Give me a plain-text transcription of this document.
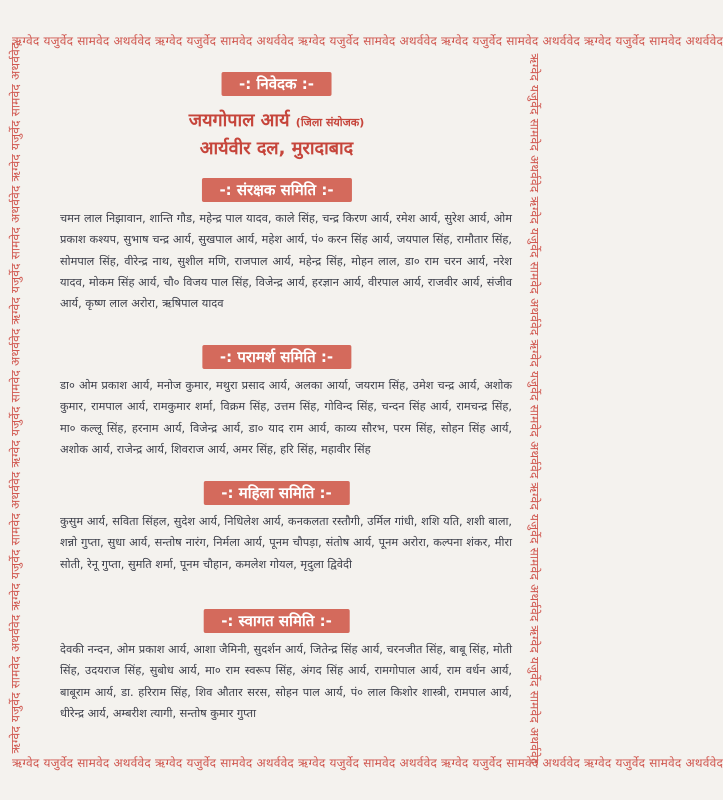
ऋग्वेद यजुर्वेद सामवेद अथर्ववेद ऋग्वेद यजुर्वेद सामवेद अथर्ववेद ऋग्वेद यजुर्वेद सामवेद अथर्ववेद ऋग्वेद यजुर्वेद सामवेद अथर्ववेद ऋग्वेद यजुर्वेद सामवेद अथर्ववेद
ऋग्वेद यजुर्वेद सामवेद अथर्ववेद ऋग्वेद यजुर्वेद सामवेद अथर्ववेद ऋग्वेद यजुर्वेद सामवेद अथर्ववेद ऋग्वेद यजुर्वेद सामवेद अथर्ववेद ऋग्वेद यजुर्वेद सामवेद अथर्ववेद
ऋग्वेद यजुर्वेद सामवेद अथर्ववेद ऋग्वेद यजुर्वेद सामवेद अथर्ववेद ऋग्वेद यजुर्वेद सामवेद अथर्ववेद ऋग्वेद यजुर्वेद सामवेद अथर्ववेद ऋग्वेद यजुर्वेद सामवेद अथर्ववेद	ऋग्वेद यजुर्वेद सामवेद अथर्ववेद ऋग्वेद यजुर्वेद सामवेद अथर्ववेद ऋग्वेद यजुर्वेद सामवेद अथर्ववेद ऋग्वेद यजुर्वेद सामवेद अथर्ववेद ऋग्वेद यजुर्वेद सामवेद अथर्ववेद
-: निवेदक :-
जयगोपाल आर्य (जिला संयोजक)
आर्यवीर दल, मुरादाबाद
-: संरक्षक समिति :-
चमन लाल निझावान, शान्ति गौड, महेन्द्र पाल यादव, काले सिंह, चन्द्र किरण आर्य, रमेश आर्य, सुरेश आर्य, ओम प्रकाश कश्यप, सुभाष चन्द्र आर्य, सुखपाल आर्य, महेश आर्य, पं० करन सिंह आर्य, जयपाल सिंह, रामौतार सिंह, सोमपाल सिंह, वीरेन्द्र नाथ, सुशील मणि, राजपाल आर्य, महेन्द्र सिंह, मोहन लाल, डा० राम चरन आर्य, नरेश यादव, मोकम सिंह आर्य, चौ० विजय पाल सिंह, विजेन्द्र आर्य, हरज्ञान आर्य, वीरपाल आर्य, राजवीर आर्य, संजीव आर्य, कृष्ण लाल अरोरा, ऋषिपाल यादव
-: परामर्श समिति :-
डा० ओम प्रकाश आर्य, मनोज कुमार, मथुरा प्रसाद आर्य, अलका आर्या, जयराम सिंह, उमेश चन्द्र आर्य, अशोक कुमार, रामपाल आर्य, रामकुमार शर्मा, विक्रम सिंह, उत्तम सिंह, गोविन्द सिंह, चन्दन सिंह आर्य, रामचन्द्र सिंह, मा० कल्लू सिंह, हरनाम आर्य, विजेन्द्र आर्य, डा० याद राम आर्य, काव्य सौरभ, परम सिंह, सोहन सिंह आर्य, अशोक आर्य, राजेन्द्र आर्य, शिवराज आर्य, अमर सिंह, हरि सिंह, महावीर सिंह
-: महिला समिति :-
कुसुम आर्य, सविता सिंहल, सुदेश आर्य, निधिलेश आर्य, कनकलता रस्तौगी, उर्मिल गांधी, शशि यति, शशी बाला, शन्नो गुप्ता, सुधा आर्य, सन्तोष नारंग, निर्मला आर्य, पूनम चौपड़ा, संतोष आर्य, पूनम अरोरा, कल्पना शंकर, मीरा सोती, रेनू गुप्ता, सुमति शर्मा, पूनम चौहान, कमलेश गोयल, मृदुला द्विवेदी
-: स्वागत समिति :-
देवकी नन्दन, ओम प्रकाश आर्य, आशा जैमिनी, सुदर्शन आर्य, जितेन्द्र सिंह आर्य, चरनजीत सिंह, बाबू सिंह, मोती सिंह, उदयराज सिंह, सुबोध आर्य, मा० राम स्वरूप सिंह, अंगद सिंह आर्य, रामगोपाल आर्य, राम वर्धन आर्य, बाबूराम आर्य, डा. हरिराम सिंह, शिव औतार सरस, सोहन पाल आर्य, पं० लाल किशोर शास्त्री, रामपाल आर्य, धीरेन्द्र आर्य, अम्बरीश त्यागी, सन्तोष कुमार गुप्ता
